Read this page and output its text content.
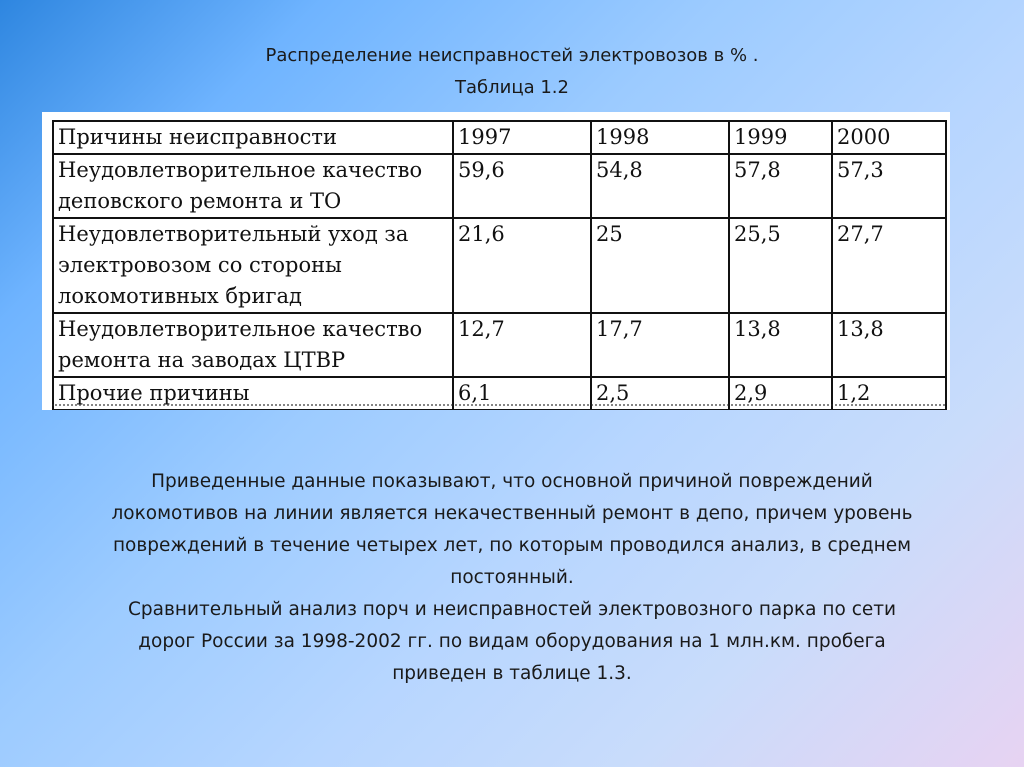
Распределение неисправностей электровозов в % .
Таблица 1.2
Причины неисправности	1997	1998	1999	2000

Неудовлетворительное качество
деповского ремонта и ТО	59,6	54,8	57,8	57,3

Неудовлетворительный уход за
электровозом со стороны
локомотивных бригад	21,6	25	25,5	27,7

Неудовлетворительное качество
ремонта на заводах ЦТВР	12,7	17,7	13,8	13,8

Прочие причины	6,1	2,5	2,9	1,2
Приведенные данные показывают, что основной причиной повреждений
локомотивов на линии является некачественный ремонт в депо, причем уровень
повреждений в течение четырех лет, по которым проводился анализ, в среднем
постоянный.
Сравнительный анализ порч и неисправностей электровозного парка по сети
дорог России за 1998-2002 гг. по видам оборудования на 1 млн.км. пробега
приведен в таблице 1.3.
